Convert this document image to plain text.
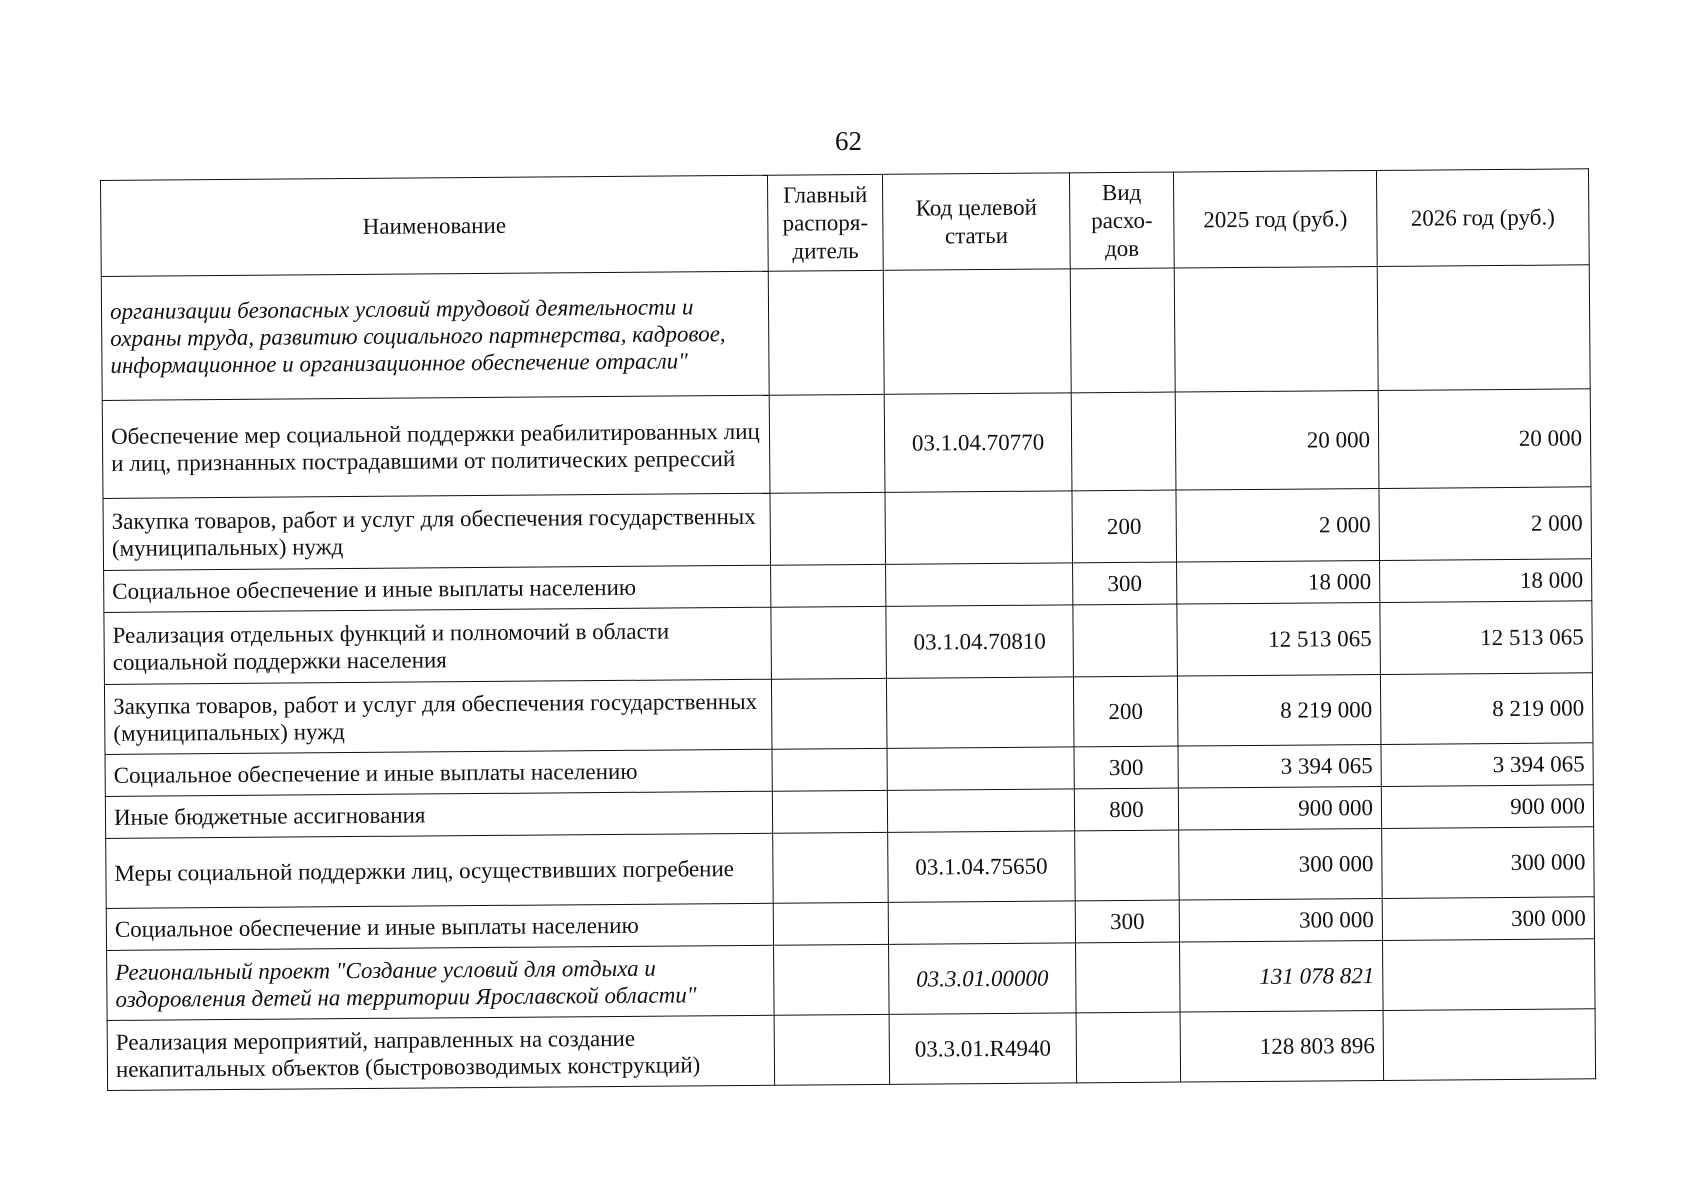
62
Наименование	Главный распоря-дитель	Код целевой статьи	Вид расхо-дов	2025 год (руб.)	2026 год (руб.)
организации безопасных условий трудовой деятельности и охраны труда, развитию социального партнерства, кадровое, информационное и организационное обеспечение отрасли"					
Обеспечение мер социальной поддержки реабилитированных лиц и лиц, признанных пострадавшими от политических репрессий		03.1.04.70770		20 000	20 000
Закупка товаров, работ и услуг для обеспечения государственных (муниципальных) нужд			200	2 000	2 000
Социальное обеспечение и иные выплаты населению			300	18 000	18 000
Реализация отдельных функций и полномочий в области социальной поддержки населения		03.1.04.70810		12 513 065	12 513 065
Закупка товаров, работ и услуг для обеспечения государственных (муниципальных) нужд			200	8 219 000	8 219 000
Социальное обеспечение и иные выплаты населению			300	3 394 065	3 394 065
Иные бюджетные ассигнования			800	900 000	900 000
Меры социальной поддержки лиц, осуществивших погребение		03.1.04.75650		300 000	300 000
Социальное обеспечение и иные выплаты населению			300	300 000	300 000
Региональный проект "Создание условий для отдыха и оздоровления детей на территории Ярославской области"		03.3.01.00000		131 078 821	
Реализация мероприятий, направленных на создание некапитальных объектов (быстровозводимых конструкций)		03.3.01.R4940		128 803 896	
